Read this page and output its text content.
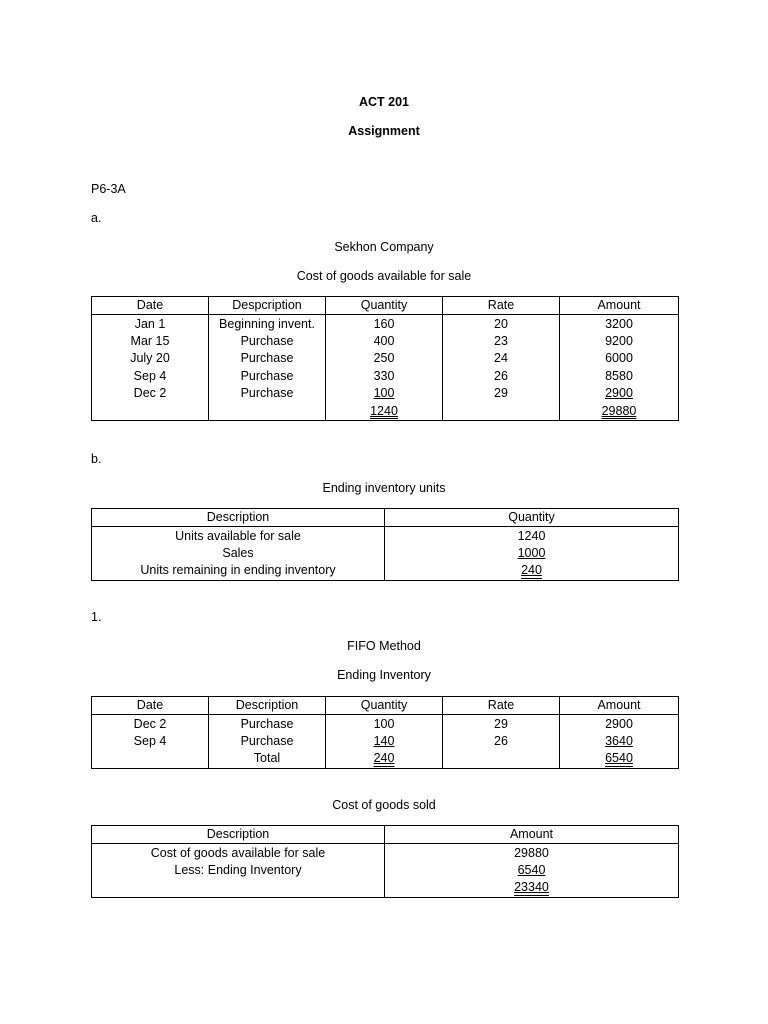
ACT 201

Assignment

P6-3A

a.

Sekhon Company

Cost of goods available for sale

Date	Despcription	Quantity	Rate	Amount
Jan 1	Beginning invent.	160	20	3200
Mar 15	Purchase	400	23	9200
July 20	Purchase	250	24	6000
Sep 4	Purchase	330	26	8580
Dec 2	Purchase	100	29	2900
		1240		29880

b.

Ending inventory units

Description	Quantity
Units available for sale	1240
Sales	1000
Units remaining in ending inventory	240

1.

FIFO Method

Ending Inventory

Date	Description	Quantity	Rate	Amount
Dec 2	Purchase	100	29	2900
Sep 4	Purchase	140	26	3640
	Total	240		6540

Cost of goods sold

Description	Amount
Cost of goods available for sale	29880
Less: Ending Inventory	6540
	23340
